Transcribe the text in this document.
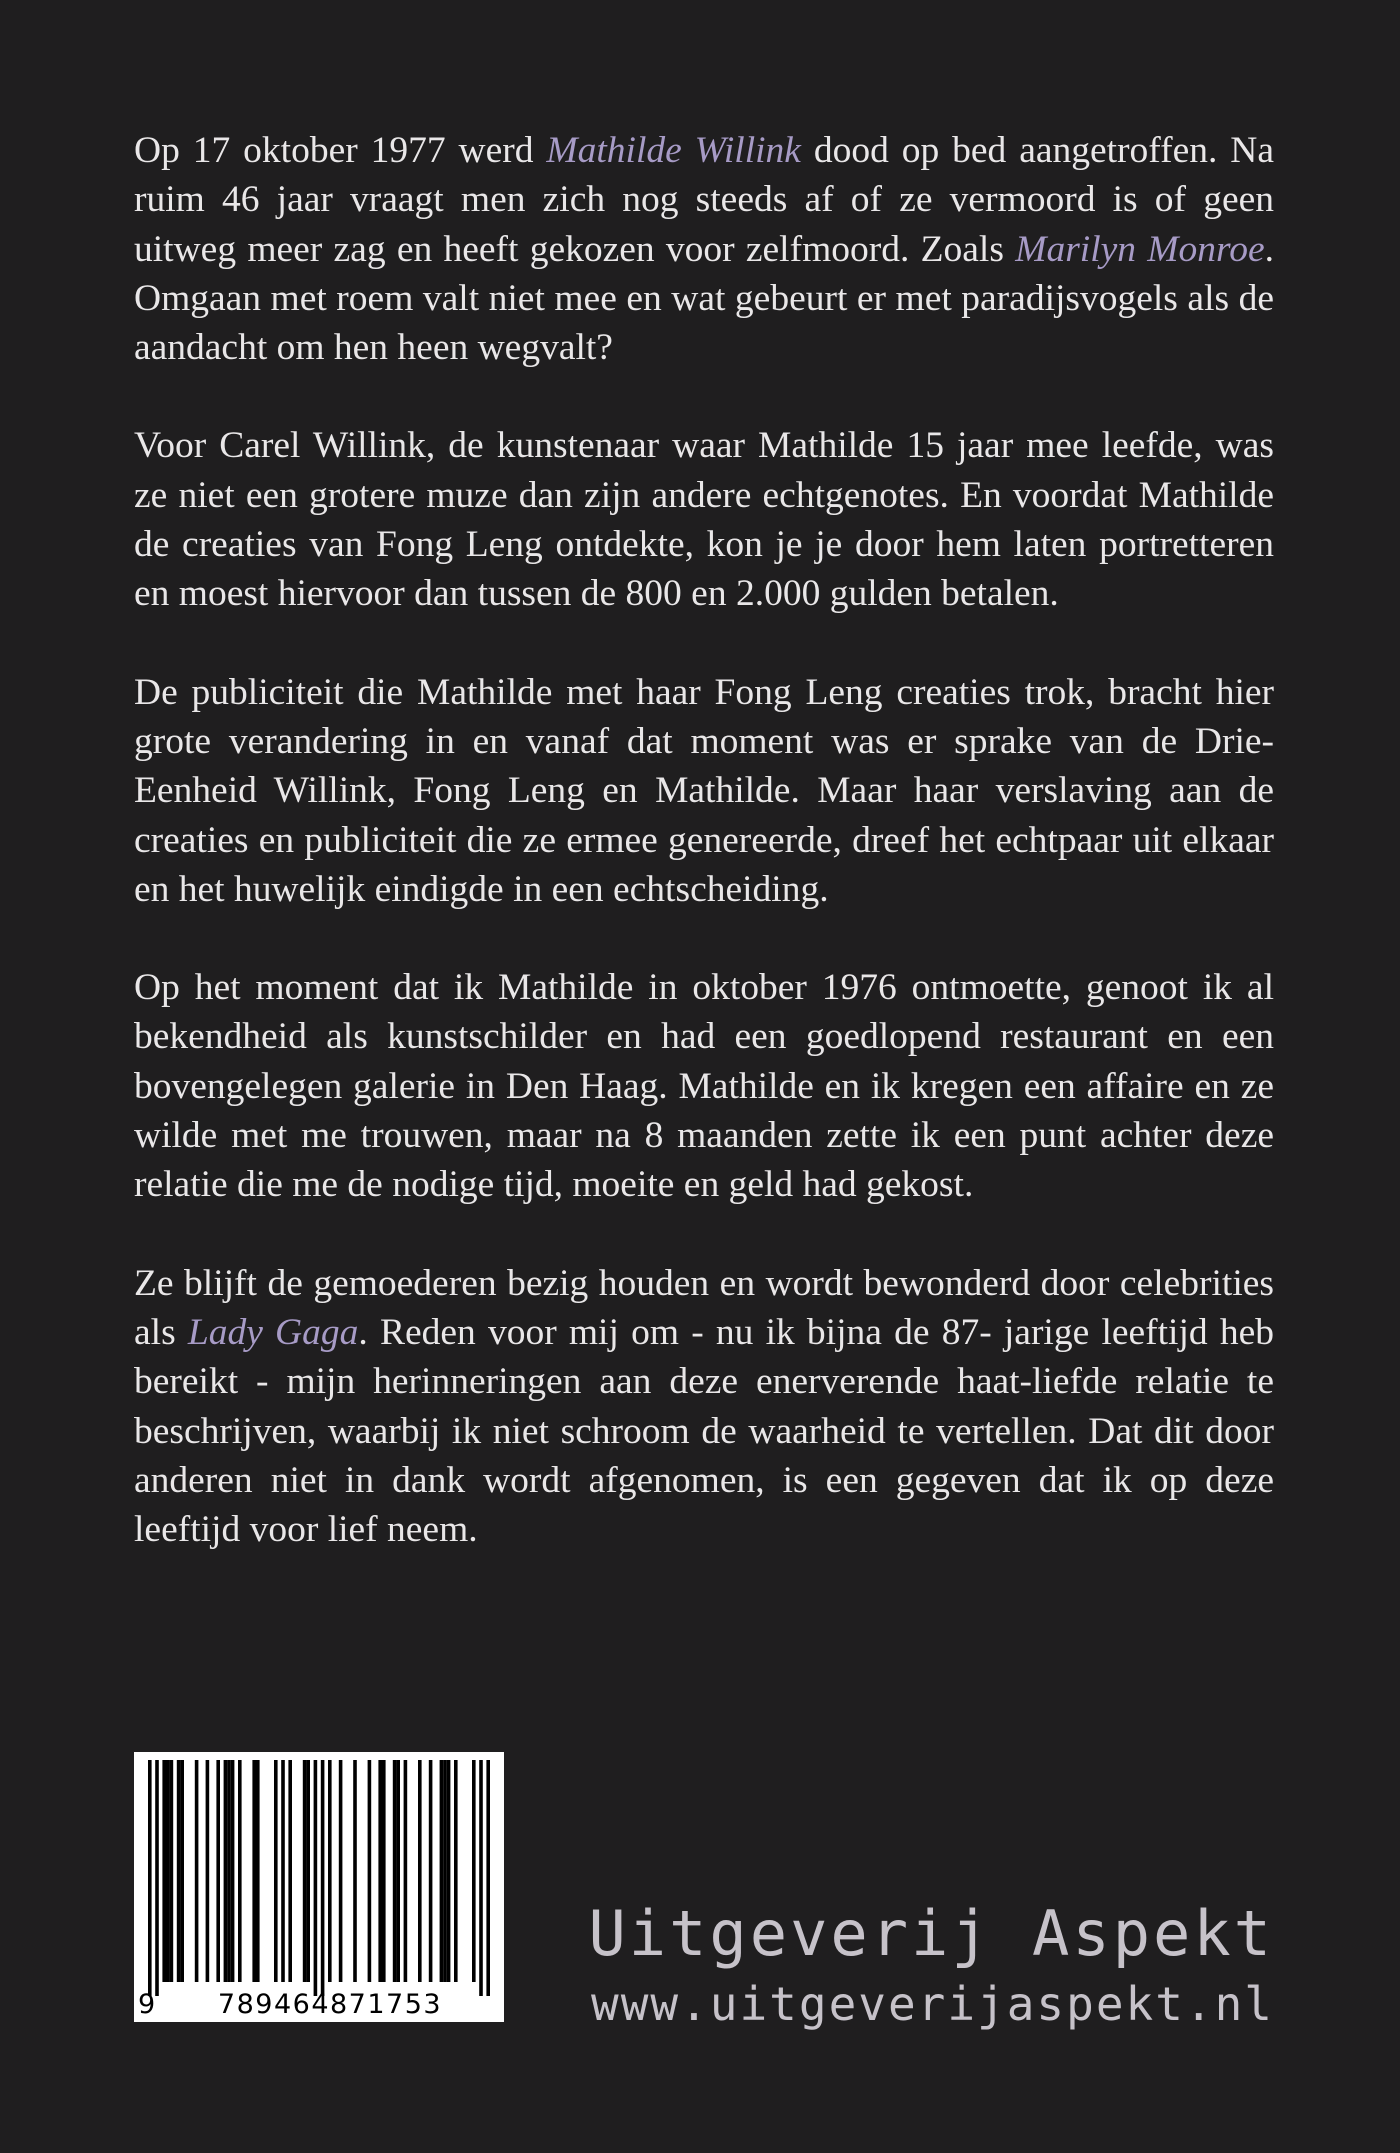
Op 17 oktober 1977 werd Mathilde Willink dood op bed aangetroffen. Na ruim 46 jaar vraagt men zich nog steeds af of ze vermoord is of geen uitweg meer zag en heeft gekozen voor zelfmoord. Zoals Marilyn Monroe. Omgaan met roem valt niet mee en wat gebeurt er met paradijsvogels als de aandacht om hen heen wegvalt?

Voor Carel Willink, de kunstenaar waar Mathilde 15 jaar mee leefde, was ze niet een grotere muze dan zijn andere echtgenotes. En voordat Mathilde de creaties van Fong Leng ontdekte, kon je je door hem laten portretteren en moest hiervoor dan tussen de 800 en 2.000 gulden betalen.

De publiciteit die Mathilde met haar Fong Leng creaties trok, bracht hier grote verandering in en vanaf dat moment was er sprake van de Drie-Eenheid Willink, Fong Leng en Mathilde. Maar haar verslaving aan de creaties en publiciteit die ze ermee genereerde, dreef het echtpaar uit elkaar en het huwelijk eindigde in een echtscheiding.

Op het moment dat ik Mathilde in oktober 1976 ontmoette, genoot ik al bekendheid als kunstschilder en had een goedlopend restaurant en een bovengelegen galerie in Den Haag. Mathilde en ik kregen een affaire en ze wilde met me trouwen, maar na 8 maanden zette ik een punt achter deze relatie die me de nodige tijd, moeite en geld had gekost.

Ze blijft de gemoederen bezig houden en wordt bewonderd door celebrities als Lady Gaga. Reden voor mij om - nu ik bijna de 87- jarige leeftijd heb bereikt - mijn herinneringen aan deze enerverende haat-liefde relatie te beschrijven, waarbij ik niet schroom de waarheid te vertellen. Dat dit door anderen niet in dank wordt afgenomen, is een gegeven dat ik op deze leeftijd voor lief neem.

9	789464871753
Uitgeverij Aspekt
www.uitgeverijaspekt.nl
